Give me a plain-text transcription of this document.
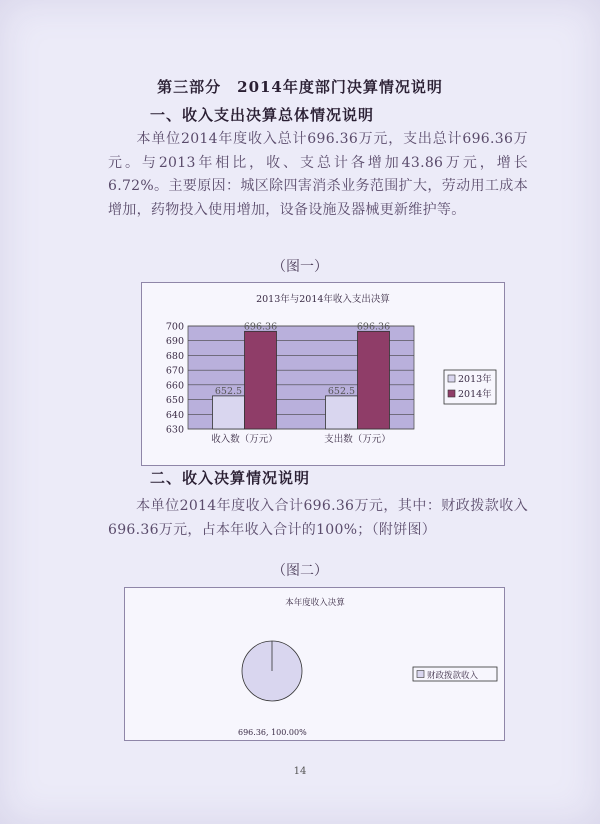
第三部分　2014年度部门决算情况说明
一、收入支出决算总体情况说明
本单位2014年度收入总计696.36万元，支出总计696.36万元。与2013年相比，收、支总计各增加43.86万元，增长6.72%。主要原因：城区除四害消杀业务范围扩大，劳动用工成本增加，药物投入使用增加，设备设施及器械更新维护等。
（图一）
2013年与2014年收入支出决算
630
640
650
660
670
680
690
700
652.5
696.36
652.5
696.36
收入数（万元）	支出数（万元）
2013年
2014年
二、收入决算情况说明
本单位2014年度收入合计696.36万元，其中：财政拨款收入696.36万元，占本年收入合计的100%；（附饼图）
（图二）
本年度收入决算
696.36, 100.00%
财政拨款收入
14
